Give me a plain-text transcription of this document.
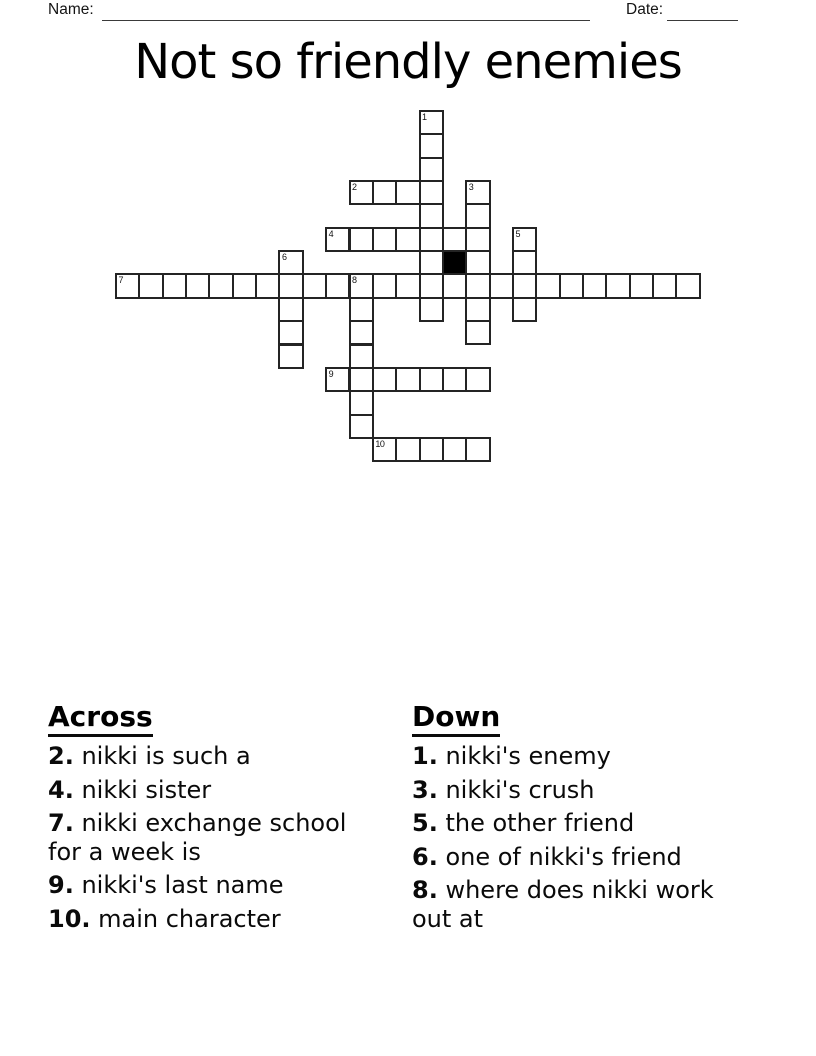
Name:	Date:
Not so friendly enemies
1
2	3
4	5
6
7	8
9
10
Across
2. nikki is such a
4. nikki sister
7. nikki exchange school for a week is
9. nikki's last name
10. main character
Down
1. nikki's enemy
3. nikki's crush
5. the other friend
6. one of nikki's friend
8. where does nikki work out at
